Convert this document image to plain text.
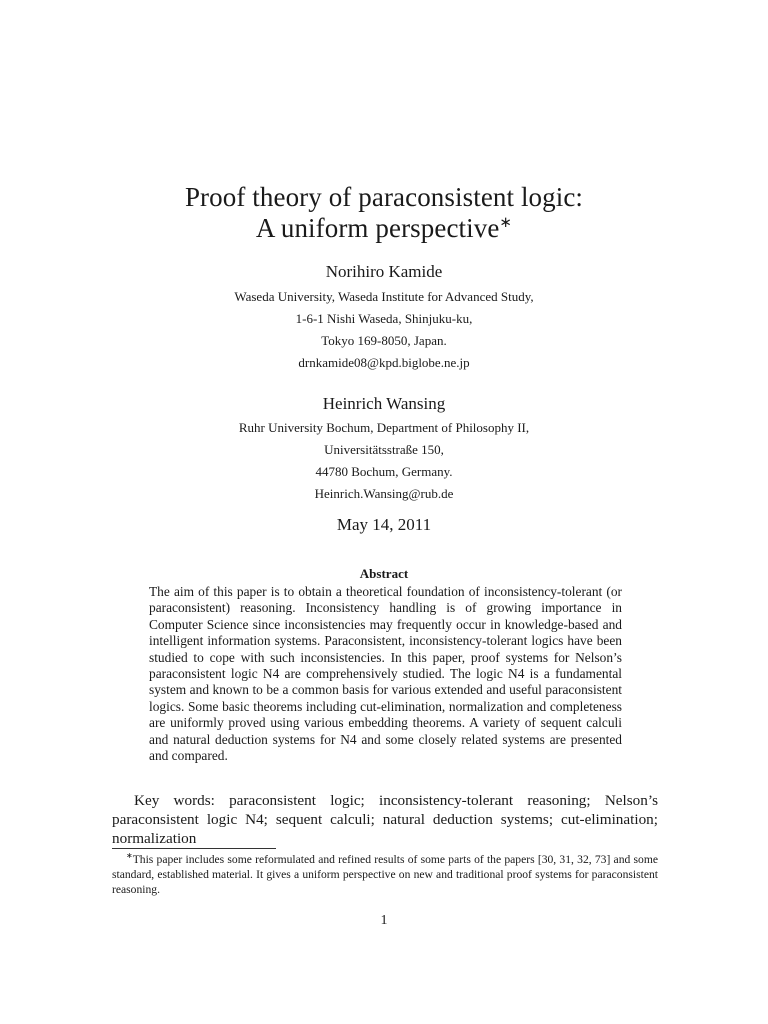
Proof theory of paraconsistent logic:
A uniform perspective∗
Norihiro Kamide
Waseda University, Waseda Institute for Advanced Study,
1-6-1 Nishi Waseda, Shinjuku-ku,
Tokyo 169-8050, Japan.
drnkamide08@kpd.biglobe.ne.jp
Heinrich Wansing
Ruhr University Bochum, Department of Philosophy II,
Universitätsstraße 150,
44780 Bochum, Germany.
Heinrich.Wansing@rub.de
May 14, 2011
Abstract
The aim of this paper is to obtain a theoretical foundation of inconsistency-tolerant (or paraconsistent) reasoning. Inconsistency handling is of growing importance in Computer Science since inconsistencies may frequently occur in knowledge-based and intelligent information systems. Paraconsistent, inconsistency-tolerant logics have been studied to cope with such inconsistencies. In this paper, proof systems for Nelson’s paraconsistent logic N4 are comprehensively studied. The logic N4 is a fundamental system and known to be a common basis for various extended and useful paraconsistent logics. Some basic theorems including cut-elimination, normalization and completeness are uniformly proved using various embedding theorems. A variety of sequent calculi and natural deduction systems for N4 and some closely related systems are presented and compared.
Key words: paraconsistent logic; inconsistency-tolerant reasoning; Nelson’s paraconsistent logic N4; sequent calculi; natural deduction systems; cut-elimination; normalization
∗This paper includes some reformulated and refined results of some parts of the papers [30, 31, 32, 73] and some standard, established material. It gives a uniform perspective on new and traditional proof systems for paraconsistent reasoning.
1
